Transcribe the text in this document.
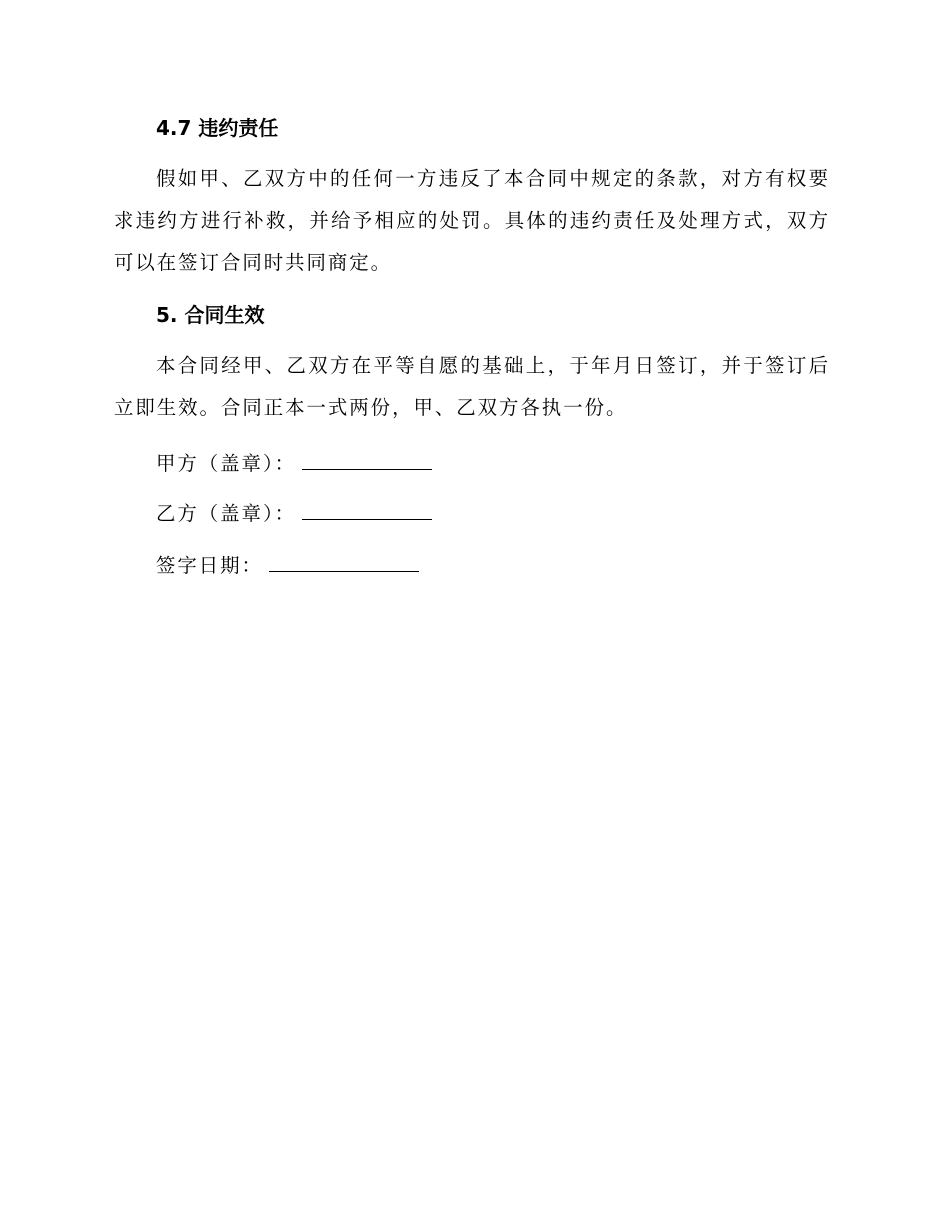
4.7 违约责任

假如甲、乙双方中的任何一方违反了本合同中规定的条款，对方有权要求违约方进行补救，并给予相应的处罚。具体的违约责任及处理方式，双方可以在签订合同时共同商定。

5. 合同生效

本合同经甲、乙双方在平等自愿的基础上，于年月日签订，并于签订后立即生效。合同正本一式两份，甲、乙双方各执一份。

甲方（盖章）：
乙方（盖章）：
签字日期：
